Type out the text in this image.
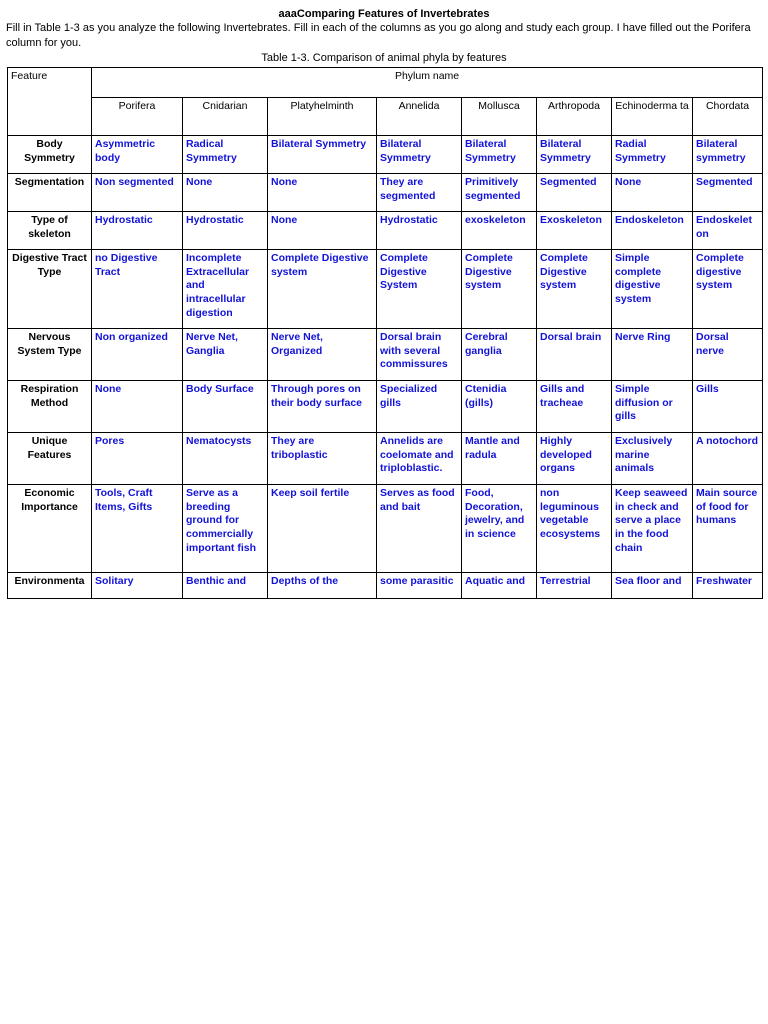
aaaComparing Features of Invertebrates
Fill in Table 1-3 as you analyze the following Invertebrates. Fill in each of the columns as you go along and study each group. I have filled out the Porifera column for you.
Table 1-3. Comparison of animal phyla by features
Feature	Phylum name							
	Porifera	Cnidarian	Platyhelminth	Annelida	Mollusca	Arthropoda	Echinoderma ta	Chordata
Body Symmetry	Asymmetric body	Radical Symmetry	Bilateral Symmetry	Bilateral Symmetry	Bilateral Symmetry	Bilateral Symmetry	Radial Symmetry	Bilateral symmetry
Segmentation	Non segmented	None	None	They are segmented	Primitively segmented	Segmented	None	Segmented
Type of skeleton	Hydrostatic	Hydrostatic	None	Hydrostatic	exoskeleton	Exoskeleton	Endoskeleton	Endoskelet on
Digestive Tract Type	no Digestive Tract	Incomplete Extracellular and intracellular digestion	Complete Digestive system	Complete Digestive System	Complete Digestive system	Complete Digestive system	Simple complete digestive system	Complete digestive system
Nervous System Type	Non organized	Nerve Net, Ganglia	Nerve Net, Organized	Dorsal brain with several commissures	Cerebral ganglia	Dorsal brain	Nerve Ring	Dorsal nerve
Respiration Method	None	Body Surface	Through pores on their body surface	Specialized gills	Ctenidia (gills)	Gills and tracheae	Simple diffusion or gills	Gills
Unique Features	Pores	Nematocysts	They are triboplastic	Annelids are coelomate and triploblastic.	Mantle and radula	Highly developed organs	Exclusively marine animals	A notochord
Economic Importance	Tools, Craft Items, Gifts	Serve as a breeding ground for commercially important fish	Keep soil fertile	Serves as food and bait	Food, Decoration, jewelry, and in science	non leguminous vegetable ecosystems	Keep seaweed in check and serve a place in the food chain	Main source of food for humans
Environmenta	Solitary	Benthic and	Depths of the	some parasitic	Aquatic and	Terrestrial	Sea floor and	Freshwater
